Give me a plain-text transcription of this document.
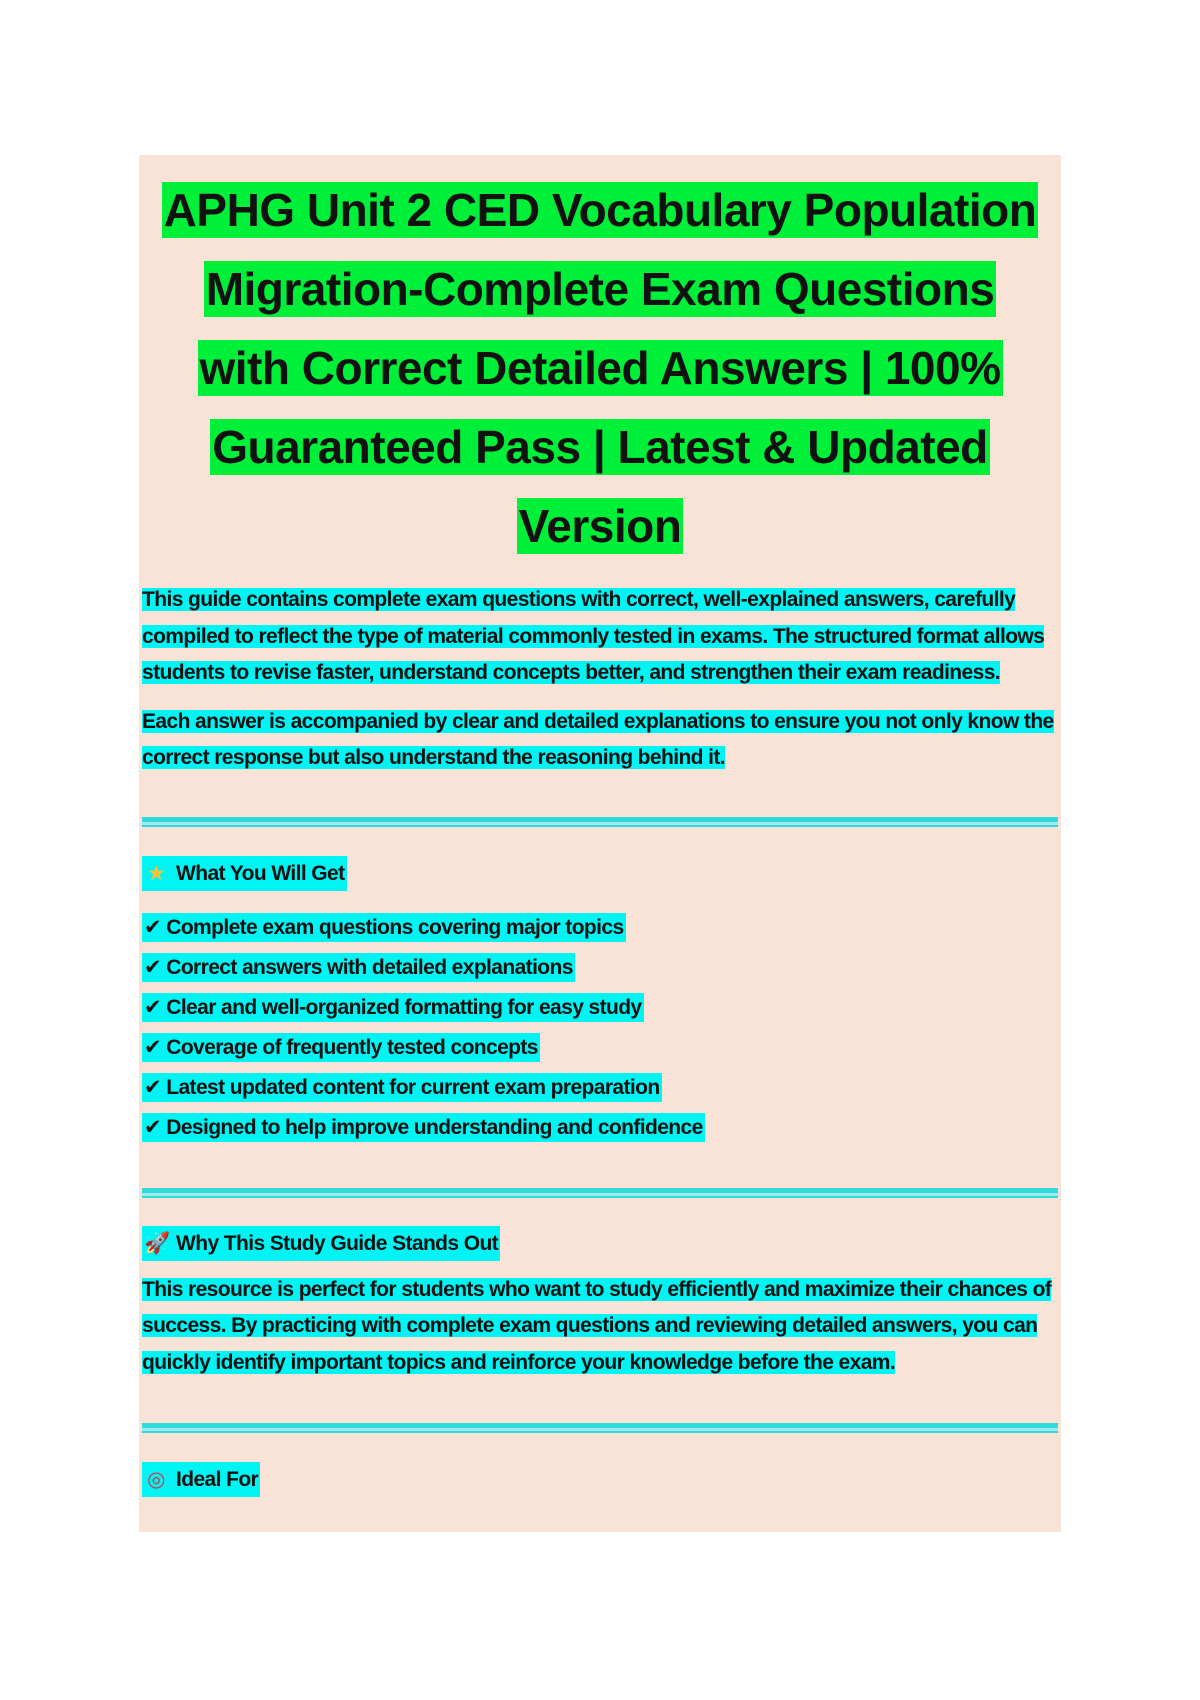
APHG Unit 2 CED Vocabulary Population Migration-Complete Exam Questions with Correct Detailed Answers | 100% Guaranteed Pass | Latest & Updated Version

This guide contains complete exam questions with correct, well-explained answers, carefully compiled to reflect the type of material commonly tested in exams. The structured format allows students to revise faster, understand concepts better, and strengthen their exam readiness.

Each answer is accompanied by clear and detailed explanations to ensure you not only know the correct response but also understand the reasoning behind it.

★ What You Will Get
✔ Complete exam questions covering major topics
✔ Correct answers with detailed explanations
✔ Clear and well-organized formatting for easy study
✔ Coverage of frequently tested concepts
✔ Latest updated content for current exam preparation
✔ Designed to help improve understanding and confidence
🚀 Why This Study Guide Stands Out

This resource is perfect for students who want to study efficiently and maximize their chances of success. By practicing with complete exam questions and reviewing detailed answers, you can quickly identify important topics and reinforce your knowledge before the exam.

◎ Ideal For
